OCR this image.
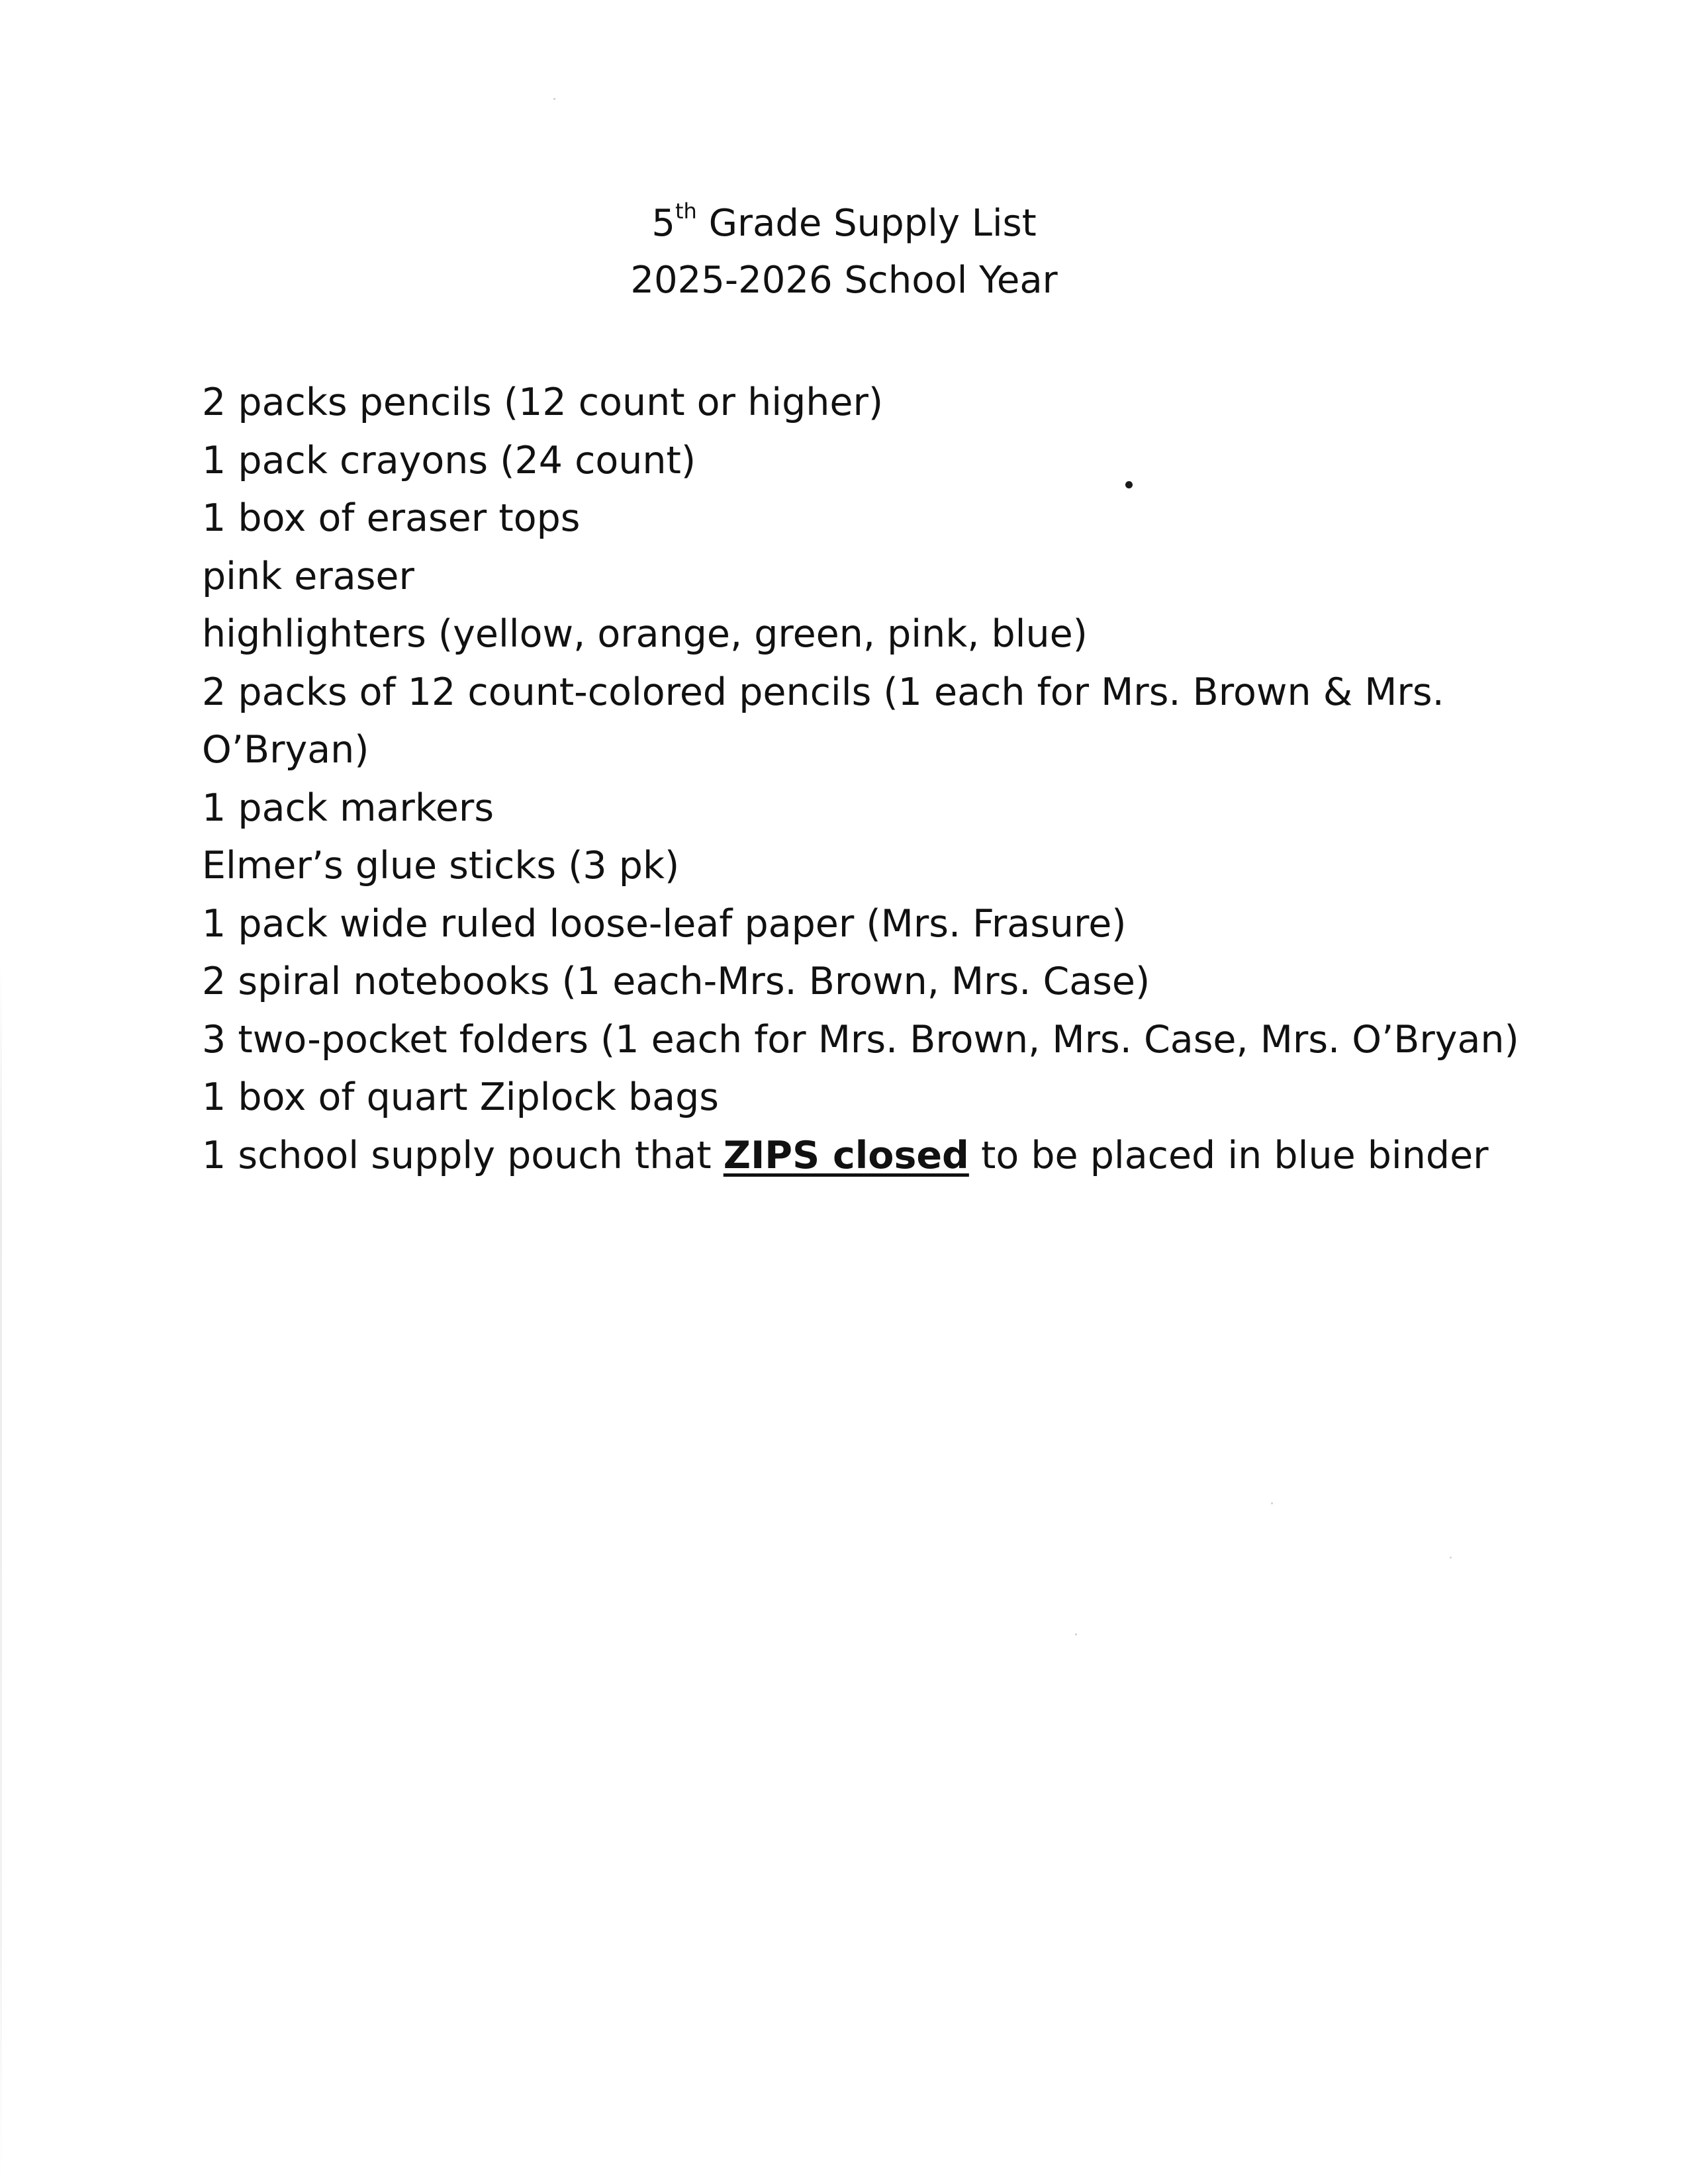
5th Grade Supply List
2025-2026 School Year
2 packs pencils (12 count or higher)
1 pack crayons (24 count)
1 box of eraser tops
pink eraser
highlighters (yellow, orange, green, pink, blue)
2 packs of 12 count-colored pencils (1 each for Mrs. Brown & Mrs. O’Bryan)
1 pack markers
Elmer’s glue sticks (3 pk)
1 pack wide ruled loose-leaf paper (Mrs. Frasure)
2 spiral notebooks (1 each-Mrs. Brown, Mrs. Case)
3 two-pocket folders (1 each for Mrs. Brown, Mrs. Case, Mrs. O’Bryan)
1 box of quart Ziplock bags
1 school supply pouch that ZIPS closed to be placed in blue binder
